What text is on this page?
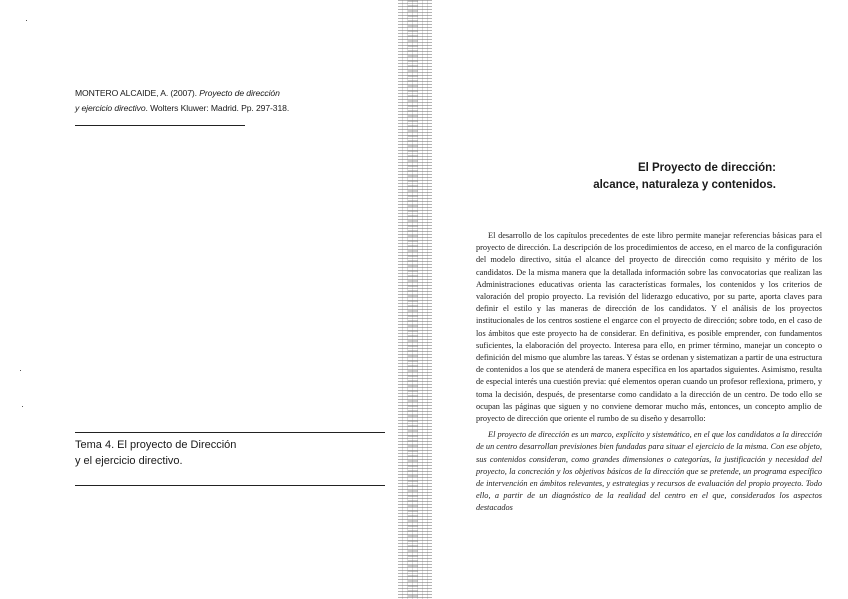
MONTERO ALCAIDE, A. (2007). Proyecto de dirección
y ejercicio directivo. Wolters Kluwer: Madrid. Pp. 297-318.
Tema 4. El proyecto de Dirección
y el ejercicio directivo.
El Proyecto de dirección:
alcance, naturaleza y contenidos.

El desarrollo de los capítulos precedentes de este libro permite manejar referencias básicas para el proyecto de dirección. La descripción de los procedimientos de acceso, en el marco de la configuración del modelo directivo, sitúa el alcance del proyecto de dirección como requisito y mérito de los candidatos. De la misma manera que la detallada información sobre las convocatorias que realizan las Administraciones educativas orienta las características formales, los contenidos y los criterios de valoración del propio proyecto. La revisión del liderazgo educativo, por su parte, aporta claves para definir el estilo y las maneras de dirección de los candidatos. Y el análisis de los proyectos institucionales de los centros sostiene el engarce con el proyecto de dirección; sobre todo, en el caso de los ámbitos que este proyecto ha de considerar. En definitiva, es posible emprender, con fundamentos suficientes, la elaboración del proyecto. Interesa para ello, en primer término, manejar un concepto o definición del mismo que alumbre las tareas. Y éstas se ordenan y sistematizan a partir de una estructura de contenidos a los que se atenderá de manera específica en los apartados siguientes. Asimismo, resulta de especial interés una cuestión previa: qué elementos operan cuando un profesor reflexiona, primero, y toma la decisión, después, de presentarse como candidato a la dirección de un centro. De todo ello se ocupan las páginas que siguen y no conviene demorar mucho más, entonces, un concepto amplio de proyecto de dirección que oriente el rumbo de su diseño y desarrollo:

El proyecto de dirección es un marco, explícito y sistemático, en el que los candidatos a la dirección de un centro desarrollan previsiones bien fundadas para situar el ejercicio de la misma. Con ese objeto, sus contenidos consideran, como grandes dimensiones o categorías, la justificación y necesidad del proyecto, la concreción y los objetivos básicos de la dirección que se pretende, un programa específico de intervención en ámbitos relevantes, y estrategias y recursos de evaluación del propio proyecto. Todo ello, a partir de un diagnóstico de la realidad del centro en el que, considerados los aspectos destacados
